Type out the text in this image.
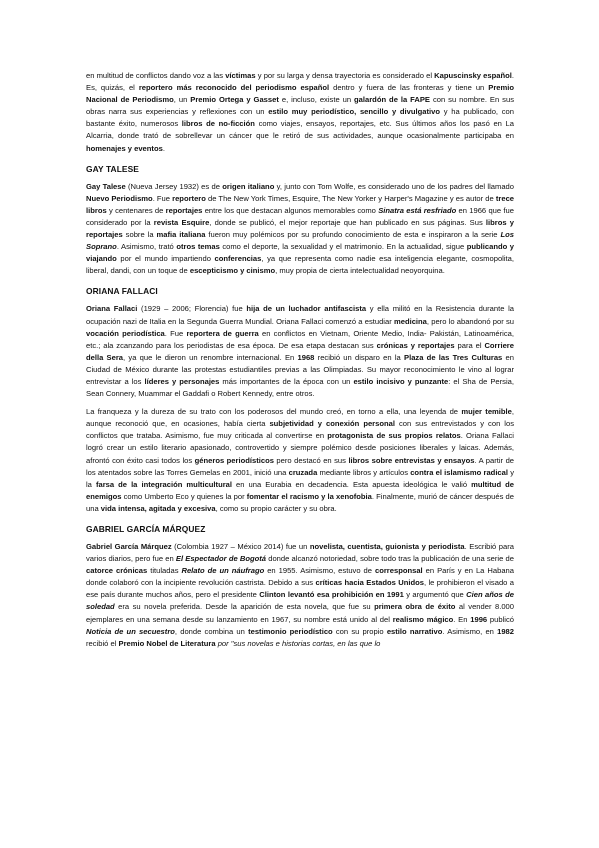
en multitud de conflictos dando voz a las víctimas y por su larga y densa trayectoria es considerado el Kapuscinsky español. Es, quizás, el reportero más reconocido del periodismo español dentro y fuera de las fronteras y tiene un Premio Nacional de Periodismo, un Premio Ortega y Gasset e, incluso, existe un galardón de la FAPE con su nombre. En sus obras narra sus experiencias y reflexiones con un estilo muy periodístico, sencillo y divulgativo y ha publicado, con bastante éxito, numerosos libros de no-ficción como viajes, ensayos, reportajes, etc. Sus últimos años los pasó en La Alcarria, donde trató de sobrellevar un cáncer que le retiró de sus actividades, aunque ocasionalmente participaba en homenajes y eventos.

GAY TALESE

Gay Talese (Nueva Jersey 1932) es de origen italiano y, junto con Tom Wolfe, es considerado uno de los padres del llamado Nuevo Periodismo. Fue reportero de The New York Times, Esquire, The New Yorker y Harper's Magazine y es autor de trece libros y centenares de reportajes entre los que destacan algunos memorables como Sinatra está resfriado en 1966 que fue considerado por la revista Esquire, donde se publicó, el mejor reportaje que han publicado en sus páginas. Sus libros y reportajes sobre la mafia italiana fueron muy polémicos por su profundo conocimiento de esta e inspiraron a la serie Los Soprano. Asimismo, trató otros temas como el deporte, la sexualidad y el matrimonio. En la actualidad, sigue publicando y viajando por el mundo impartiendo conferencias, ya que representa como nadie esa inteligencia elegante, cosmopolita, liberal, dandi, con un toque de escepticismo y cinismo, muy propia de cierta intelectualidad neoyorquina.

ORIANA FALLACI

Oriana Fallaci (1929 – 2006; Florencia) fue hija de un luchador antifascista y ella militó en la Resistencia durante la ocupación nazi de Italia en la Segunda Guerra Mundial. Oriana Fallaci comenzó a estudiar medicina, pero lo abandonó por su vocación periodística. Fue reportera de guerra en conflictos en Vietnam, Oriente Medio, India- Pakistán, Latinoamérica, etc.; ala zcanzando para los periodistas de esa época. De esa etapa destacan sus crónicas y reportajes para el Corriere della Sera, ya que le dieron un renombre internacional. En 1968 recibió un disparo en la Plaza de las Tres Culturas en Ciudad de México durante las protestas estudiantiles previas a las Olimpiadas. Su mayor reconocimiento le vino al lograr entrevistar a los líderes y personajes más importantes de la época con un estilo incisivo y punzante: el Sha de Persia, Sean Connery, Muammar el Gaddafi o Robert Kennedy, entre otros.

La franqueza y la dureza de su trato con los poderosos del mundo creó, en torno a ella, una leyenda de mujer temible, aunque reconoció que, en ocasiones, había cierta subjetividad y conexión personal con sus entrevistados y con los conflictos que trataba. Asimismo, fue muy criticada al convertirse en protagonista de sus propios relatos. Oriana Fallaci logró crear un estilo literario apasionado, controvertido y siempre polémico desde posiciones liberales y laicas. Además, afrontó con éxito casi todos los géneros periodísticos pero destacó en sus libros sobre entrevistas y ensayos. A partir de los atentados sobre las Torres Gemelas en 2001, inició una cruzada mediante libros y artículos contra el islamismo radical y la farsa de la integración multicultural en una Eurabia en decadencia. Esta apuesta ideológica le valió multitud de enemigos como Umberto Eco y quienes la por fomentar el racismo y la xenofobia. Finalmente, murió de cáncer después de una vida intensa, agitada y excesiva, como su propio carácter y su obra.

GABRIEL GARCÍA MÁRQUEZ

Gabriel García Márquez (Colombia 1927 – México 2014) fue un novelista, cuentista, guionista y periodista. Escribió para varios diarios, pero fue en El Espectador de Bogotá donde alcanzó notoriedad, sobre todo tras la publicación de una serie de catorce crónicas tituladas Relato de un náufrago en 1955. Asimismo, estuvo de corresponsal en París y en La Habana donde colaboró con la incipiente revolución castrista. Debido a sus críticas hacia Estados Unidos, le prohibieron el visado a ese país durante muchos años, pero el presidente Clinton levantó esa prohibición en 1991 y argumentó que Cien años de soledad era su novela preferida. Desde la aparición de esta novela, que fue su primera obra de éxito al vender 8.000 ejemplares en una semana desde su lanzamiento en 1967, su nombre está unido al del realismo mágico. En 1996 publicó Noticia de un secuestro, donde combina un testimonio periodístico con su propio estilo narrativo. Asimismo, en 1982 recibió el Premio Nobel de Literatura por "sus novelas e historias cortas, en las que lo
